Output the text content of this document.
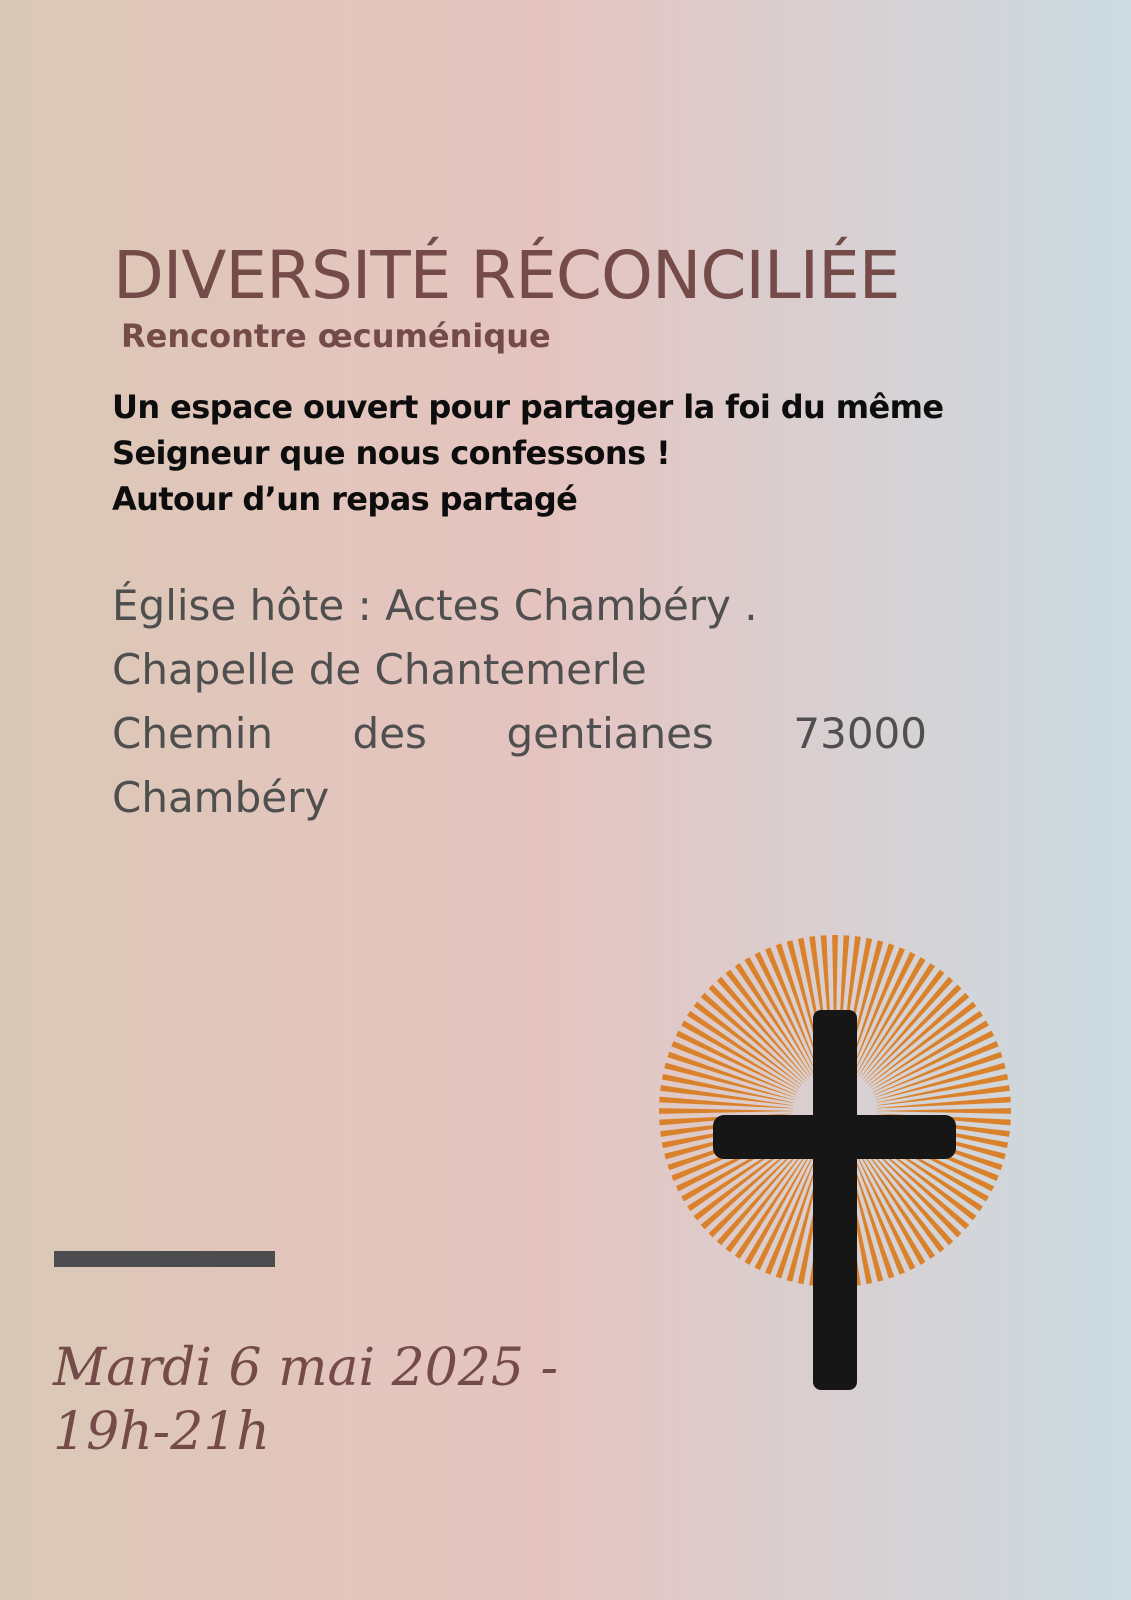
DIVERSITÉ RÉCONCILIÉE
Rencontre œcuménique

Un espace ouvert pour partager la foi du même
Seigneur que nous confessons !
Autour d’un repas partagé

Église hôte : Actes Chambéry .
Chapelle de Chantemerle
Chemin des gentianes 73000
Chambéry

Mardi 6 mai 2025 -
19h-21h
